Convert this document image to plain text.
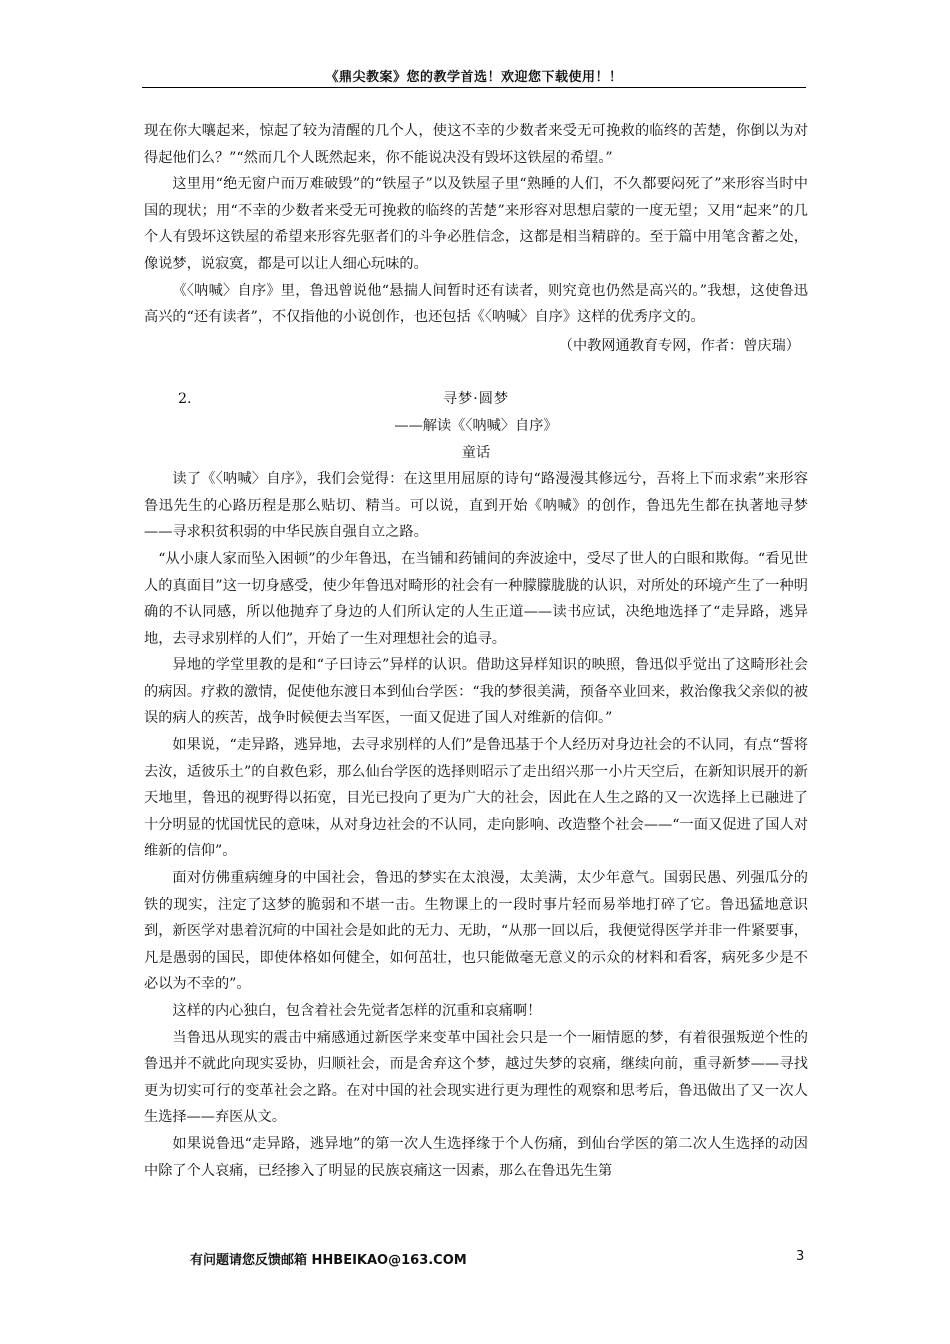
《鼎尖教案》您的教学首选！欢迎您下载使用！！

现在你大嚷起来，惊起了较为清醒的几个人，使这不幸的少数者来受无可挽救的临终的苦楚，你倒以为对得起他们么？”“然而几个人既然起来，你不能说决没有毁坏这铁屋的希望。”

这里用“绝无窗户而万难破毁”的“铁屋子”以及铁屋子里“熟睡的人们，不久都要闷死了”来形容当时中国的现状；用“不幸的少数者来受无可挽救的临终的苦楚”来形容对思想启蒙的一度无望；又用“起来”的几个人有毁坏这铁屋的希望来形容先驱者们的斗争必胜信念，这都是相当精辟的。至于篇中用笔含蓄之处，像说梦，说寂寞，都是可以让人细心玩味的。

《〈呐喊〉自序》里，鲁迅曾说他“悬揣人间暂时还有读者，则究竟也仍然是高兴的。”我想，这使鲁迅高兴的“还有读者”，不仅指他的小说创作，也还包括《〈呐喊〉自序》这样的优秀序文的。

（中教网通教育专网，作者：曾庆瑞）

2.	寻梦·圆梦

——解读《〈呐喊〉自序》

童话

读了《〈呐喊〉自序》，我们会觉得：在这里用屈原的诗句“路漫漫其修远兮，吾将上下而求索”来形容鲁迅先生的心路历程是那么贴切、精当。可以说，直到开始《呐喊》的创作，鲁迅先生都在执著地寻梦——寻求积贫积弱的中华民族自强自立之路。

“从小康人家而坠入困顿”的少年鲁迅，在当铺和药铺间的奔波途中，受尽了世人的白眼和欺侮。“看见世人的真面目”这一切身感受，使少年鲁迅对畸形的社会有一种朦朦胧胧的认识，对所处的环境产生了一种明确的不认同感，所以他抛弃了身边的人们所认定的人生正道——读书应试，决绝地选择了“走异路，逃异地，去寻求别样的人们”，开始了一生对理想社会的追寻。

异地的学堂里教的是和“子曰诗云”异样的认识。借助这异样知识的映照，鲁迅似乎觉出了这畸形社会的病因。疗救的激情，促使他东渡日本到仙台学医：“我的梦很美满，预备卒业回来，救治像我父亲似的被误的病人的疾苦，战争时候便去当军医，一面又促进了国人对维新的信仰。”

如果说，“走异路，逃异地，去寻求别样的人们”是鲁迅基于个人经历对身边社会的不认同，有点“誓将去汝，适彼乐土”的自救色彩，那么仙台学医的选择则昭示了走出绍兴那一小片天空后，在新知识展开的新天地里，鲁迅的视野得以拓宽，目光已投向了更为广大的社会，因此在人生之路的又一次选择上已融进了十分明显的忧国忧民的意味，从对身边社会的不认同，走向影响、改造整个社会——“一面又促进了国人对维新的信仰”。

面对仿佛重病缠身的中国社会，鲁迅的梦实在太浪漫，太美满，太少年意气。国弱民愚、列强瓜分的铁的现实，注定了这梦的脆弱和不堪一击。生物课上的一段时事片轻而易举地打碎了它。鲁迅猛地意识到，新医学对患着沉疴的中国社会是如此的无力、无助，“从那一回以后，我便觉得医学并非一件紧要事，凡是愚弱的国民，即使体格如何健全，如何茁壮，也只能做毫无意义的示众的材料和看客，病死多少是不必以为不幸的”。

这样的内心独白，包含着社会先觉者怎样的沉重和哀痛啊！

当鲁迅从现实的震击中痛感通过新医学来变革中国社会只是一个一厢情愿的梦，有着很强叛逆个性的鲁迅并不就此向现实妥协，归顺社会，而是舍弃这个梦，越过失梦的哀痛，继续向前，重寻新梦——寻找更为切实可行的变革社会之路。在对中国的社会现实进行更为理性的观察和思考后，鲁迅做出了又一次人生选择——弃医从文。

如果说鲁迅“走异路，逃异地”的第一次人生选择缘于个人伤痛，到仙台学医的第二次人生选择的动因中除了个人哀痛，已经掺入了明显的民族哀痛这一因素，那么在鲁迅先生第

有问题请您反馈邮箱 HHBEIKAO@163.COM	3
